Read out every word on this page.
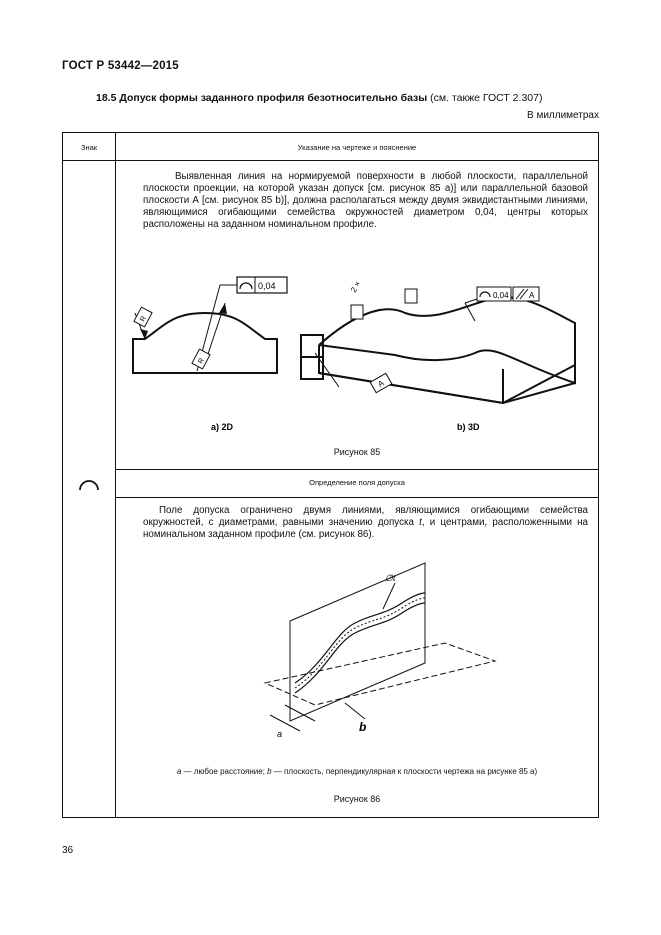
ГОСТ Р 53442—2015
18.5 Допуск формы заданного профиля безотносительно базы (см. также ГОСТ 2.307)
В миллиметрах
Знак	Указание на чертеже и пояснение
Выявленная линия на нормируемой поверхности в любой плоскости, параллельной плоскости проекции, на которой указан допуск [см. рисунок 85 а)] или параллельной базовой плоскости А [см. рисунок 85 b)], должна располагаться между двумя эквидистантными линиями, являющимися огибающими семейства окружностей диаметром 0,04, центры которых расположены на заданном номинальном профиле.
0,04
R
R
a) 2D
0,04	A
2 ×
A
b) 3D
Рисунок 85
Определение поля допуска
Поле допуска ограничено двумя линиями, являющимися огибающими семейства окружностей, с диаметрами, равными значению допуска t, и центрами, расположенными на номинальном заданном профиле (см. рисунок 86).
∅t
b
a
a — любое расстояние; b — плоскость, перпендикулярная к плоскости чертежа на рисунке 85 а)
Рисунок 86
36
